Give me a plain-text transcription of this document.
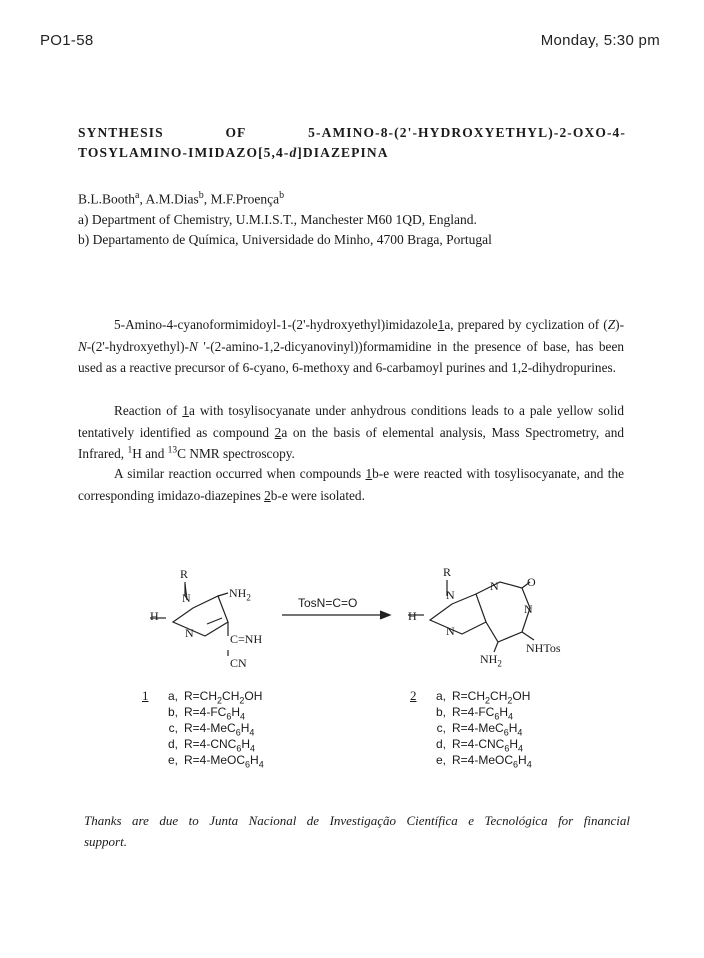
PO1-58	Monday, 5:30 pm
SYNTHESIS	OF	5-AMINO-8-(2'-HYDROXYETHYL)-2-OXO-4-
TOSYLAMINO-IMIDAZO[5,4-d]DIAZEPINA
B.L.Booth$^a$, A.M.Dias$^b$, M.F.Proença$^b$
a) Department of Chemistry, U.M.I.S.T., Manchester M60 1QD, England.
b) Departamento de Química, Universidade do Minho, 4700 Braga, Portugal
5-Amino-4-cyanoformimidoyl-1-(2'-hydroxyethyl)imidazole1a, prepared by cyclization of (Z)-N-(2'-hydroxyethyl)-N '-(2-amino-1,2-dicyanovinyl))formamidine in the presence of base, has been used as a reactive precursor of 6-cyano, 6-methoxy and 6-carbamoyl purines and 1,2-dihydropurines.
Reaction of 1a with tosylisocyanate under anhydrous conditions leads to a pale yellow solid tentatively identified as compound 2a on the basis of elemental analysis, Mass Spectrometry, and Infrared, $^1$H and $^{13}$C NMR spectroscopy.
A similar reaction occurred when compounds 1b-e were reacted with tosylisocyanate, and the corresponding imidazo-diazepines 2b-e were isolated.
R
N	$NH_2$
H
N	C=NH
CN
TosN=C=O
R
N
N O
N
H
N
NHTos
$NH_2$
1	a, $R=CH_2CH_2OH$
b, $R=4-FC_6H_4$
c, $R=4-MeC_6H_4$
d, $R=4-CNC_6H_4$
e, $R=4-MeOC_6H_4$
2	a, $R=CH_2CH_2OH$
b, $R=4-FC_6H_4$
c, $R=4-MeC_6H_4$
d, $R=4-CNC_6H_4$
e, $R=4-MeOC_6H_4$
Thanks are due to Junta Nacional de Investigação Científica e Tecnológica for financial
support.
